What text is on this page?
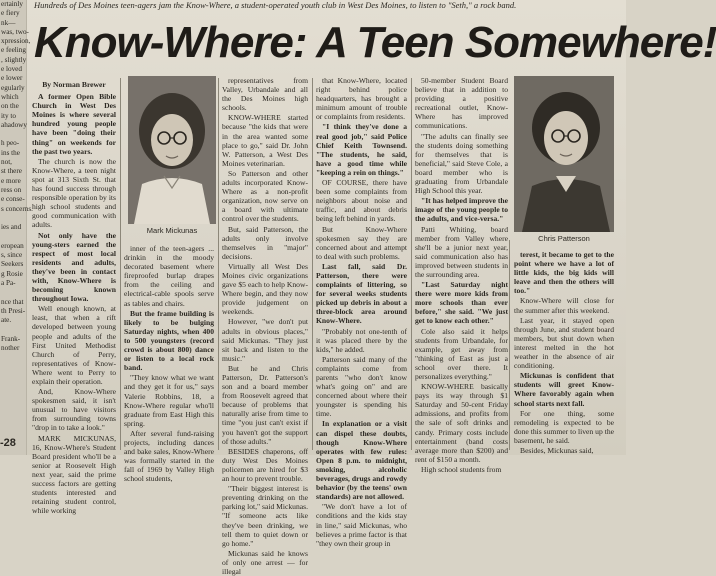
ertainly
e fiery
nk—
was, two-
xpression,
e feeling
, slightly
e loved
e lower
egularly
which
on the
ity to
ahadowy

h peo-
ins the
not,
st there
e more
ress on
e conse-
s concerns.

ies and

eropean
s, since
Seekers
g Rosie
a Pa-

nce that
th Presi-
ate.

Frank-
nother
-28
Hundreds of Des Moines teen-agers jam the Know-Where, a student-operated youth club in West Des Moines, to listen to "Seth," a rock band.
Know-Where: A Teen Somewhere!
Mark Mickunas
Chris Patterson

By Norman Brewer

A former Open Bible Church in West Des Moines is where several hundred young people have been "doing their thing" on weekends for the past two years.

The church is now the Know-Where, a teen night spot at 313 Sixth St. that has found success through responsible operation by its high school students and good communication with adults.

Not only have the young-sters earned the respect of most local residents and adults, they've been in contact with, Know-Where is becoming known throughout Iowa.

Well enough known, at least, that when a rift developed between young people and adults of the First United Methodist Church of Perry, representatives of Know-Where went to Perry to explain their operation.

And, Know-Where spokesmen said, it isn't unusual to have visitors from surrounding towns "drop in to take a look."

MARK MICKUNAS, 16, Know-Where's Student Board president who'll be a senior at Roosevelt High next year, said the prime success factors are getting students interested and retaining student control, while working

inner of the teen-agers ... drinkin in the moody decorated basement where fireproofed burlap drapes from the ceiling and electrical-cable spools serve as tables and chairs.

But the frame building is likely to be bulging Saturday nights, when 400 to 500 youngsters (record crowd is about 800) dance or listen to a local rock band.

"They know what we want and they get it for us," says Valerie Robbins, 18, a Know-Where regular who'll graduate from East High this spring.

After several fund-raising projects, including dances and bake sales, Know-Where was formally started in the fall of 1969 by Valley High school students,

representatives from Valley, Urbandale and all the Des Moines high schools.

KNOW-WHERE started because "the kids that were in the area wanted some place to go," said Dr. John W. Patterson, a West Des Moines veterinarian.

So Patterson and other adults incorporated Know-Where as a non-profit organization, now serve on a board with ultimate control over the students.

But, said Patterson, the adults only involve themselves in "major" decisions.

Virtually all West Des Moines civic organizations gave $5 each to help Know-Where begin, and they now provide judgement on weekends.

However, "we don't put adults in obvious places," said Mickunas. "They just sit back and listen to the music."

But he and Chris Patterson, Dr. Patterson's son and a board member from Roosevelt agreed that because of problems that naturally arise from time to time "you just can't exist if you haven't got the support of those adults."

BESIDES chaperons, off duty West Des Moines policemen are hired for $3 an hour to prevent trouble.

"Their biggest interest is preventing drinking on the parking lot," said Mickunas. "If someone acts like they've been drinking, we tell them to quiet down or go home."

Mickunas said he knows of only one arrest — for illegal

that Know-Where, located right behind police headquarters, has brought a minimum amount of trouble or complaints from residents.

"I think they've done a real good job," said Police Chief Keith Townsend. "The students, he said, have a good time while "keeping a rein on things."

OF COURSE, there have been some complaints from neighbors about noise and traffic, and about debris being left behind in yards.

But Know-Where spokesmen say they are concerned about and attempt to deal with such problems.

Last fall, said Dr. Patterson, there were complaints of littering, so for several weeks students picked up debris in about a three-block area around Know-Where.

"Probably not one-tenth of it was placed there by the kids," he added.

Patterson said many of the complaints come from parents "who don't know what's going on" and are concerned about where their youngster is spending his time.

In explanation or a visit can dispel these doubts, though Know-Where operates with few rules: Open 8 p.m. to midnight, smoking, alcoholic beverages, drugs and rowdy behavior (by the teens' own standards) are not allowed.

"We don't have a lot of conditions and the kids stay in line," said Mickunas, who believes a prime factor is that "they own their group in

50-member Student Board believe that in addition to providing a positive recreational outlet, Know-Where has improved communications.

"The adults can finally see the students doing something for themselves that is beneficial," said Steve Cole, a board member who is graduating from Urbandale High School this year.

"It has helped improve the image of the young people to the adults, and vice-versa."

Patti Whiting, board member from Valley where she'll be a junior next year, said communication also has improved between students in the surrounding area.

"Last Saturday night there were more kids from more schools than ever before," she said. "We just get to know each other."

Cole also said it helps students from Urbandale, for example, get away from "thinking of East as just a school over there. It personalizes everything."

KNOW-WHERE basically pays its way through $1 Saturday and 50-cent Friday admissions, and profits from the sale of soft drinks and candy. Primary costs include entertainment (band costs average more than $200) and rent of $150 a month.

High school students from

terest, it became to get to the point where we have a lot of little kids, the big kids will leave and then the others will too."

Know-Where will close for the summer after this weekend.

Last year, it stayed open through June, and student board members, but shut down when interest melted in the hot weather in the absence of air conditioning.

Mickunas is confident that students will greet Know-Where favorably again when school starts next fall.

For one thing, some remodeling is expected to be done this summer to liven up the basement, he said.

Besides, Mickunas said,
